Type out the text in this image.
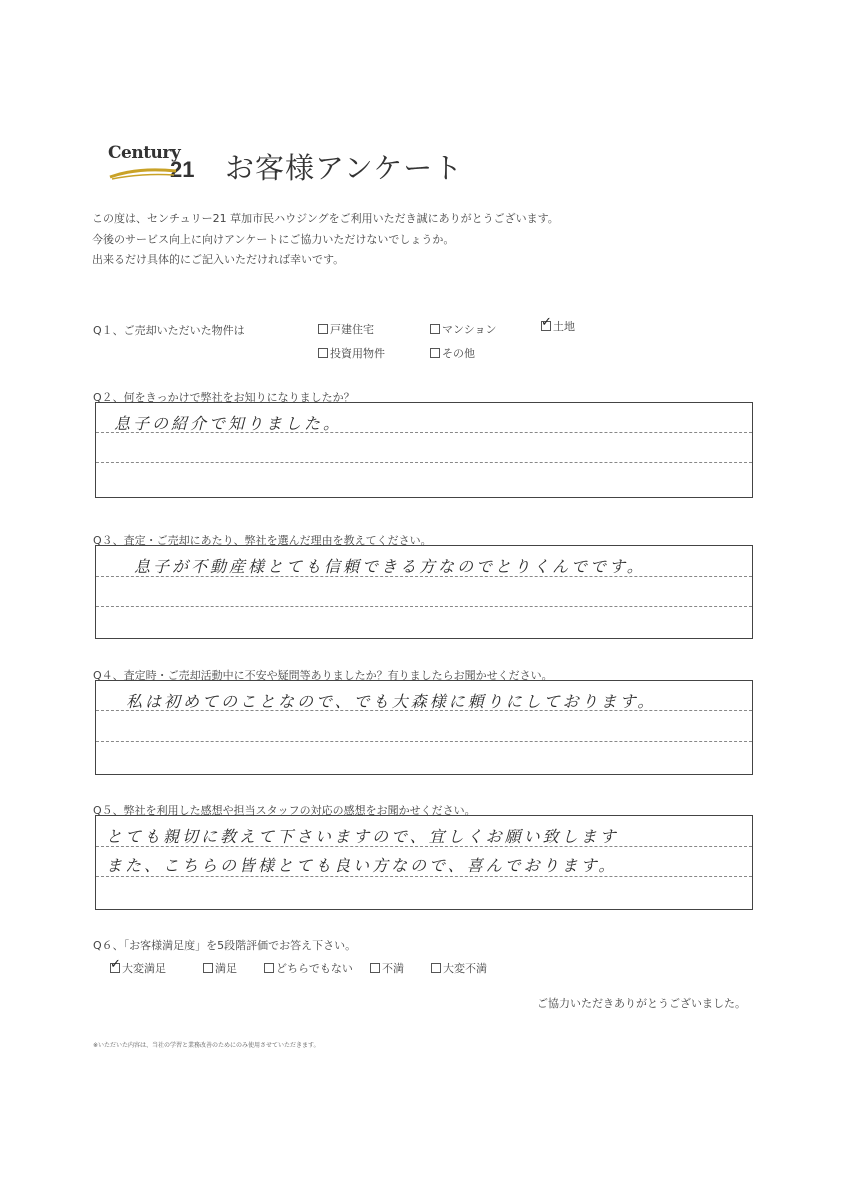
Century
21 お客様アンケート
この度は、センチュリー21 草加市民ハウジングをご利用いただき誠にありがとうございます。
今後のサービス向上に向けアンケートにご協力いただけないでしょうか。
出来るだけ具体的にご記入いただければ幸いです。
Q１、ご売却いただいた物件は	戸建住宅	マンション
✓	土地
投資用物件	その他
Q２、何をきっかけで弊社をお知りになりましたか？
息子の紹介で知りました。
Q３、査定・ご売却にあたり、弊社を選んだ理由を教えてください。
息子が不動産様とても信頼できる方なのでとりくんでです。
Q４、査定時・ご売却活動中に不安や疑問等ありましたか？有りましたらお聞かせください。
私は初めてのことなので、でも大森様に頼りにしております。
Q５、弊社を利用した感想や担当スタッフの対応の感想をお聞かせください。
とても親切に教えて下さいますので、宜しくお願い致します
また、こちらの皆様とても良い方なので、喜んでおります。
Q６、「お客様満足度」を5段階評価でお答え下さい。
✓大変満足	満足	どちらでもない	不満	大変不満
ご協力いただきありがとうございました。
※いただいた内容は、当社の学習と業務改善のためにのみ使用させていただきます。
